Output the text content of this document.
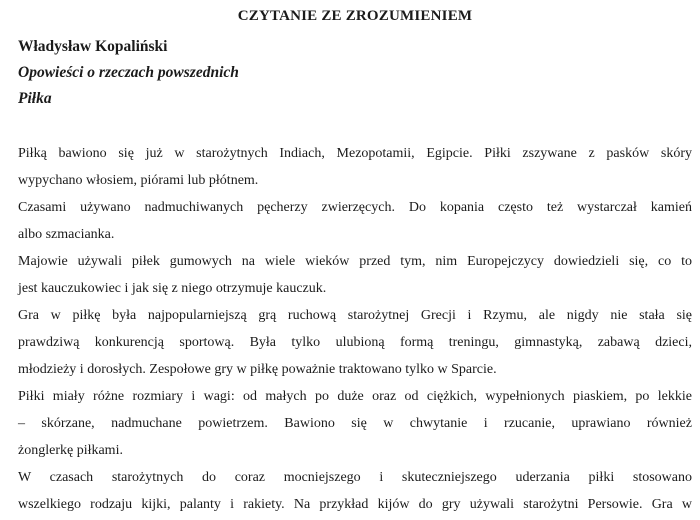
CZYTANIE ZE ZROZUMIENIEM
Władysław Kopaliński
Opowieści o rzeczach powszednich
Piłka
Piłką bawiono się już w starożytnych Indiach, Mezopotamii, Egipcie. Piłki zszywane z pasków skóry
wypychano włosiem, piórami lub płótnem.
Czasami używano nadmuchiwanych pęcherzy zwierzęcych. Do kopania często też wystarczał kamień
albo szmacianka.
Majowie używali piłek gumowych na wiele wieków przed tym, nim Europejczycy dowiedzieli się, co to
jest kauczukowiec i jak się z niego otrzymuje kauczuk.
Gra w piłkę była najpopularniejszą grą ruchową starożytnej Grecji i Rzymu, ale nigdy nie stała się
prawdziwą konkurencją sportową. Była tylko ulubioną formą treningu, gimnastyką, zabawą dzieci,
młodzieży i dorosłych. Zespołowe gry w piłkę poważnie traktowano tylko w Sparcie.
Piłki miały różne rozmiary i wagi: od małych po duże oraz od ciężkich, wypełnionych piaskiem, po lekkie
– skórzane, nadmuchane powietrzem. Bawiono się w chwytanie i rzucanie, uprawiano również
żonglerkę piłkami.
W czasach starożytnych do coraz mocniejszego i skuteczniejszego uderzania piłki stosowano
wszelkiego rodzaju kijki, palanty i rakiety. Na przykład kijów do gry używali starożytni Persowie. Gra w
